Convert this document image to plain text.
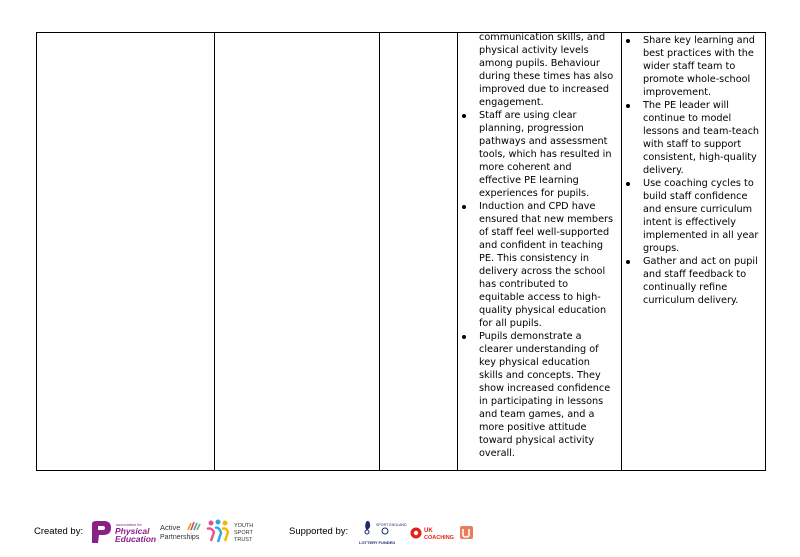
communication skills, and physical activity levels among pupils. Behaviour during these times has also improved due to increased engagement.
Staff are using clear planning, progression pathways and assessment tools, which has resulted in more coherent and effective PE learning experiences for pupils.
Induction and CPD have ensured that new members of staff feel well-supported and confident in teaching PE. This consistency in delivery across the school has contributed to equitable access to high-quality physical education for all pupils.
Pupils demonstrate a clearer understanding of key physical education skills and concepts. They show increased confidence in participating in lessons and team games, and a more positive attitude toward physical activity overall.
Share key learning and best practices with the wider staff team to promote whole-school improvement.
The PE leader will continue to model lessons and team-teach with staff to support consistent, high-quality delivery.
Use coaching cycles to build staff confidence and ensure curriculum intent is effectively implemented in all year groups.
Gather and act on pupil and staff feedback to continually refine curriculum delivery.
Created by:
association for
Physical
Education
Active
Partnerships
YOUTH
SPORT
TRUST
Supported by:
SPORT ENGLAND
LOTTERY FUNDED
UK
COACHING
